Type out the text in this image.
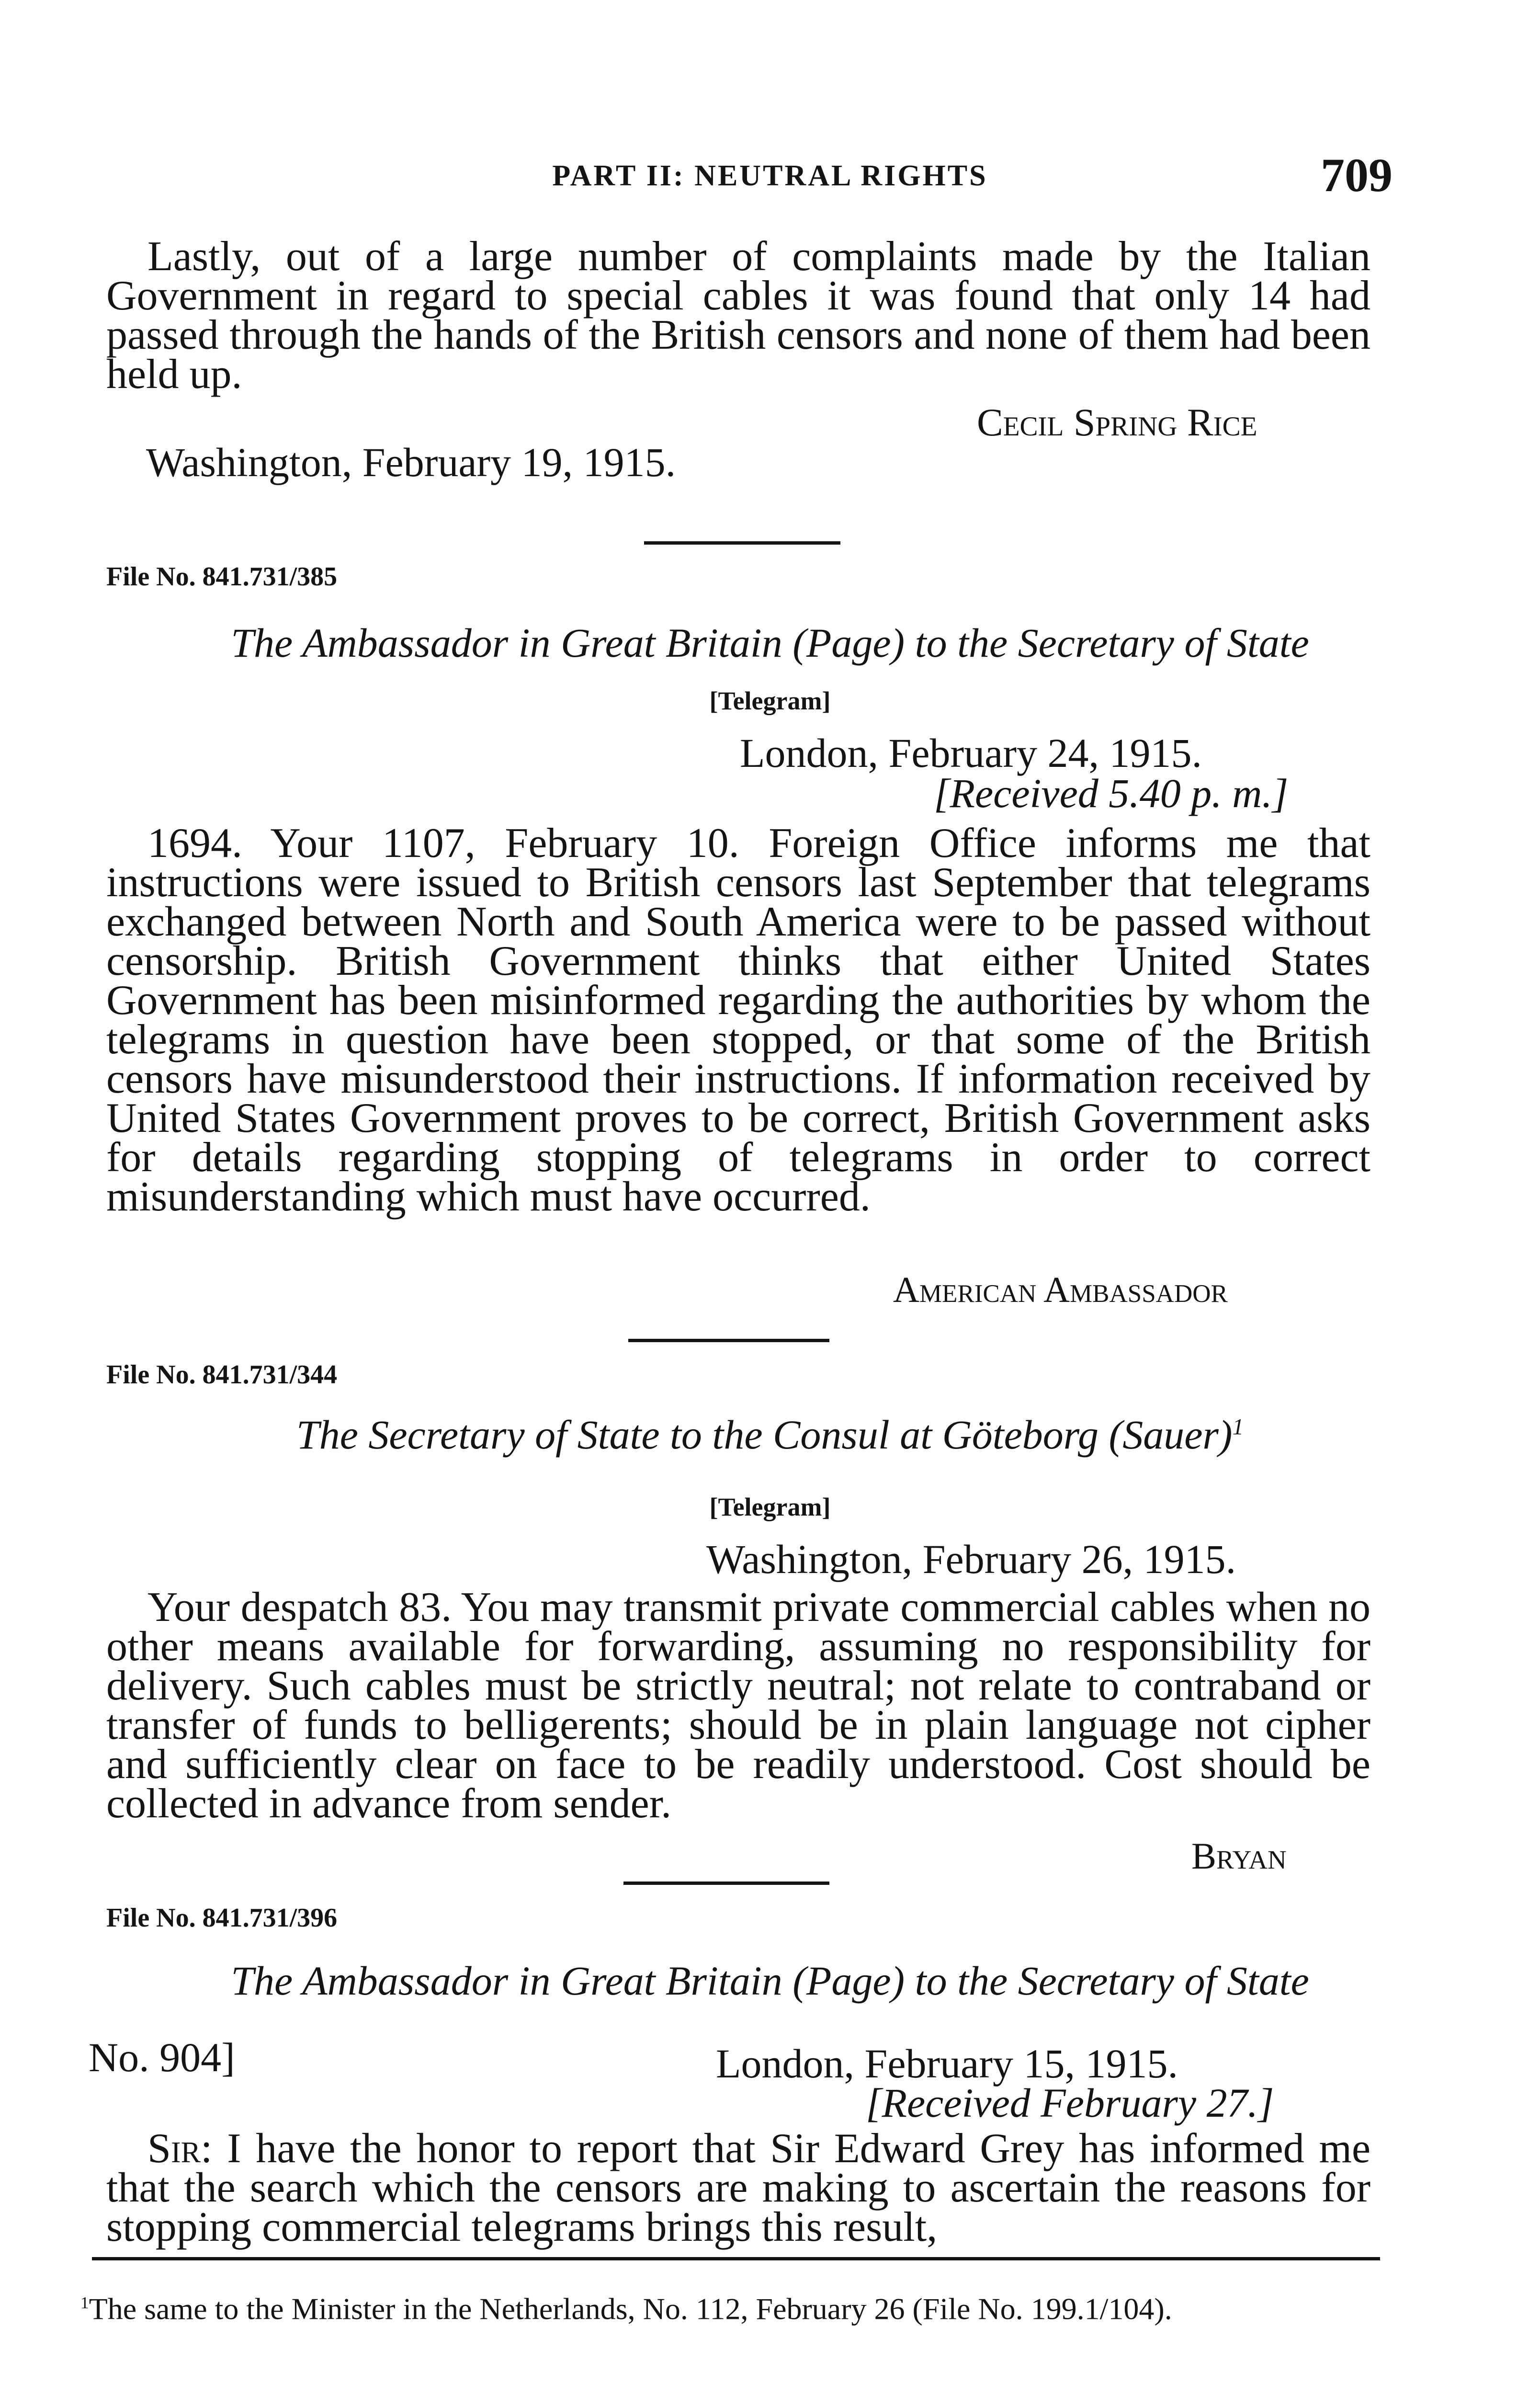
PART II: NEUTRAL RIGHTS	709

Lastly, out of a large number of complaints made by the Italian Government in regard to special cables it was found that only 14 had passed through the hands of the British censors and none of them had been held up.

Cecil Spring Rice
Washington, February 19, 1915.
File No. 841.731/385
The Ambassador in Great Britain (Page) to the Secretary of State
[Telegram]
London, February 24, 1915.
[Received 5.40 p. m.]

1694. Your 1107, February 10. Foreign Office informs me that instructions were issued to British censors last September that telegrams exchanged between North and South America were to be passed without censorship. British Government thinks that either United States Government has been misinformed regarding the authorities by whom the telegrams in question have been stopped, or that some of the British censors have misunderstood their instructions. If information received by United States Government proves to be correct, British Government asks for details regarding stopping of telegrams in order to correct misunderstanding which must have occurred.

American Ambassador
File No. 841.731/344
The Secretary of State to the Consul at Göteborg (Sauer)$^1$
[Telegram]
Washington, February 26, 1915.

Your despatch 83. You may transmit private commercial cables when no other means available for forwarding, assuming no responsibility for delivery. Such cables must be strictly neutral; not relate to contraband or transfer of funds to belligerents; should be in plain language not cipher and sufficiently clear on face to be readily understood. Cost should be collected in advance from sender.

Bryan
File No. 841.731/396
The Ambassador in Great Britain (Page) to the Secretary of State
No. 904]	London, February 15, 1915.
[Received February 27.]

Sir: I have the honor to report that Sir Edward Grey has informed me that the search which the censors are making to ascertain the reasons for stopping commercial telegrams brings this result,

$^1$The same to the Minister in the Netherlands, No. 112, February 26 (File No. 199.1/104).
